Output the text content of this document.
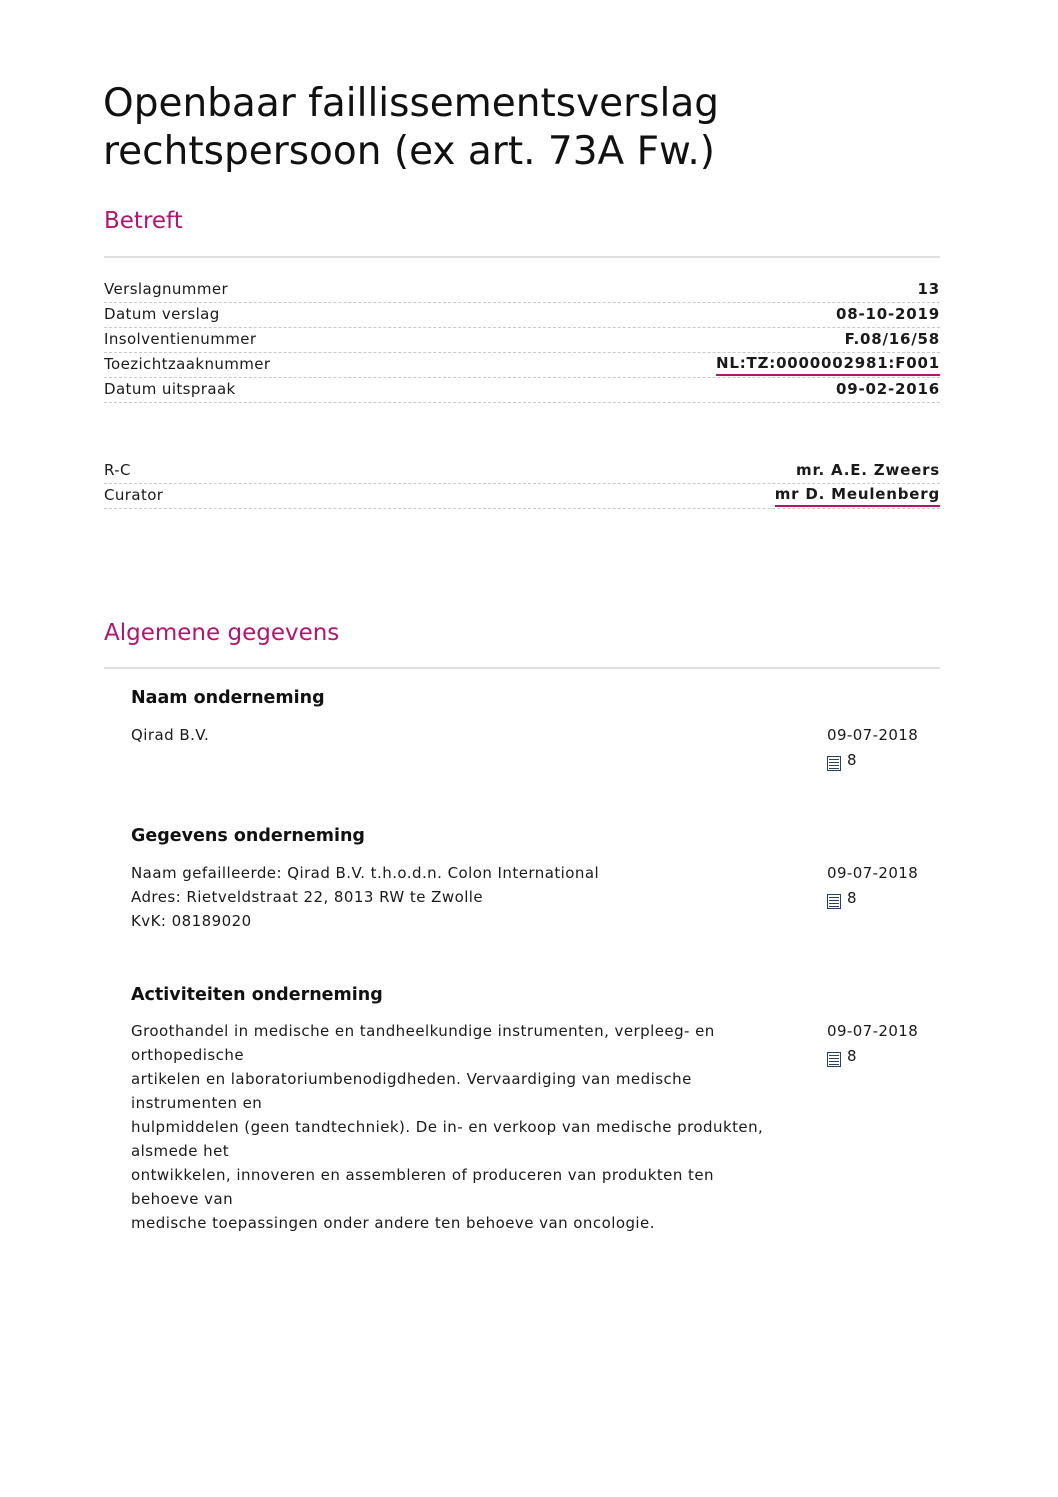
Openbaar faillissementsverslag rechtspersoon (ex art. 73A Fw.)
Betreft
Verslagnummer	13
Datum verslag	08-10-2019
Insolventienummer	F.08/16/58
Toezichtzaaknummer	NL:TZ:0000002981:F001
Datum uitspraak	09-02-2016
R-C	mr. A.E. Zweers
Curator	mr D. Meulenberg
Algemene gegevens
Naam onderneming
Qirad B.V.	09-07-2018
8
Gegevens onderneming
Naam gefailleerde: Qirad B.V. t.h.o.d.n. Colon International
Adres: Rietveldstraat 22, 8013 RW te Zwolle
KvK: 08189020
09-07-2018
8
Activiteiten onderneming
Groothandel in medische en tandheelkundige instrumenten, verpleeg- en
orthopedische
artikelen en laboratoriumbenodigdheden. Vervaardiging van medische
instrumenten en
hulpmiddelen (geen tandtechniek). De in- en verkoop van medische produkten,
alsmede het
ontwikkelen, innoveren en assembleren of produceren van produkten ten
behoeve van
medische toepassingen onder andere ten behoeve van oncologie.
09-07-2018
8
